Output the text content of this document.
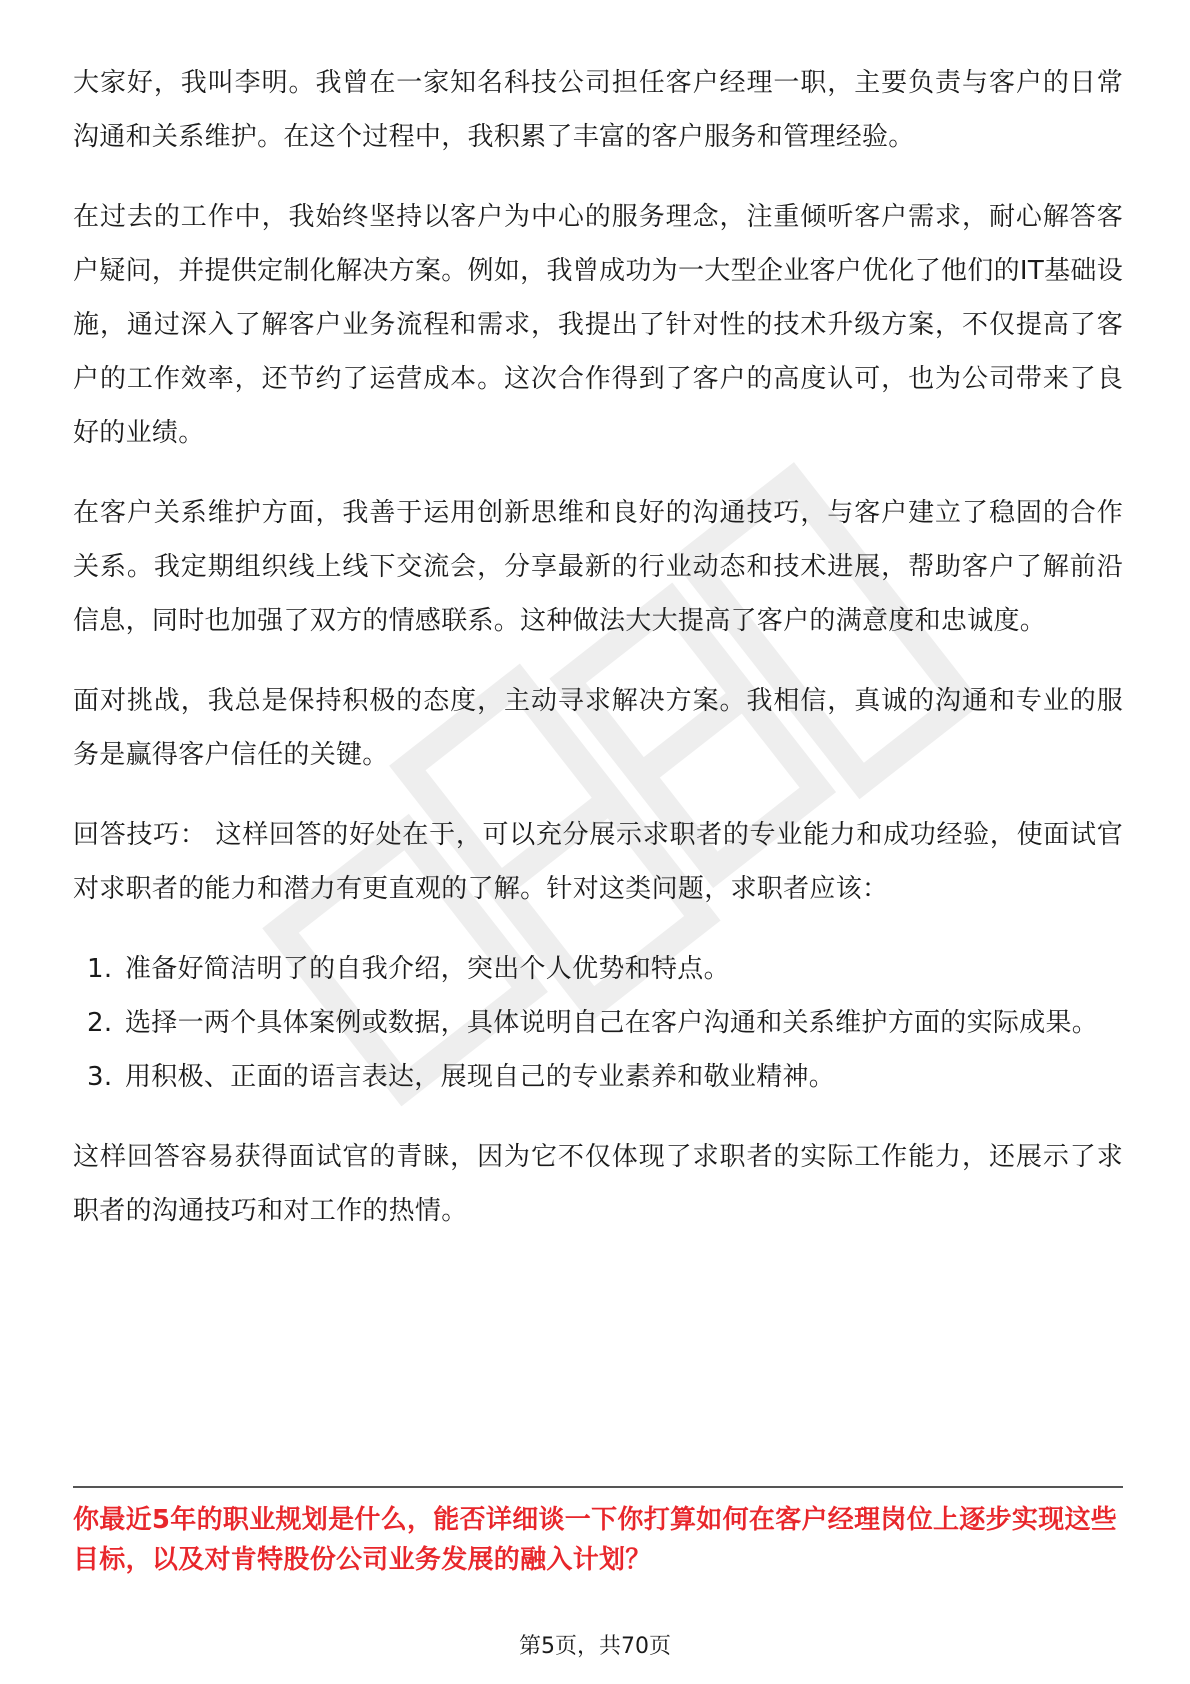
大家好，我叫李明。我曾在一家知名科技公司担任客户经理一职，主要负责与客户的日常沟通和关系维护。在这个过程中，我积累了丰富的客户服务和管理经验。

在过去的工作中，我始终坚持以客户为中心的服务理念，注重倾听客户需求，耐心解答客户疑问，并提供定制化解决方案。例如，我曾成功为一大型企业客户优化了他们的IT基础设施，通过深入了解客户业务流程和需求，我提出了针对性的技术升级方案，不仅提高了客户的工作效率，还节约了运营成本。这次合作得到了客户的高度认可，也为公司带来了良好的业绩。

在客户关系维护方面，我善于运用创新思维和良好的沟通技巧，与客户建立了稳固的合作关系。我定期组织线上线下交流会，分享最新的行业动态和技术进展，帮助客户了解前沿信息，同时也加强了双方的情感联系。这种做法大大提高了客户的满意度和忠诚度。

面对挑战，我总是保持积极的态度，主动寻求解决方案。我相信，真诚的沟通和专业的服务是赢得客户信任的关键。

回答技巧： 这样回答的好处在于，可以充分展示求职者的专业能力和成功经验，使面试官对求职者的能力和潜力有更直观的了解。针对这类问题，求职者应该：

1. 准备好简洁明了的自我介绍，突出个人优势和特点。
2. 选择一两个具体案例或数据，具体说明自己在客户沟通和关系维护方面的实际成果。
3. 用积极、正面的语言表达，展现自己的专业素养和敬业精神。

这样回答容易获得面试官的青睐，因为它不仅体现了求职者的实际工作能力，还展示了求职者的沟通技巧和对工作的热情。

你最近5年的职业规划是什么，能否详细谈一下你打算如何在客户经理岗位上逐步实现这些目标，以及对肯特股份公司业务发展的融入计划？
第5页，共70页
